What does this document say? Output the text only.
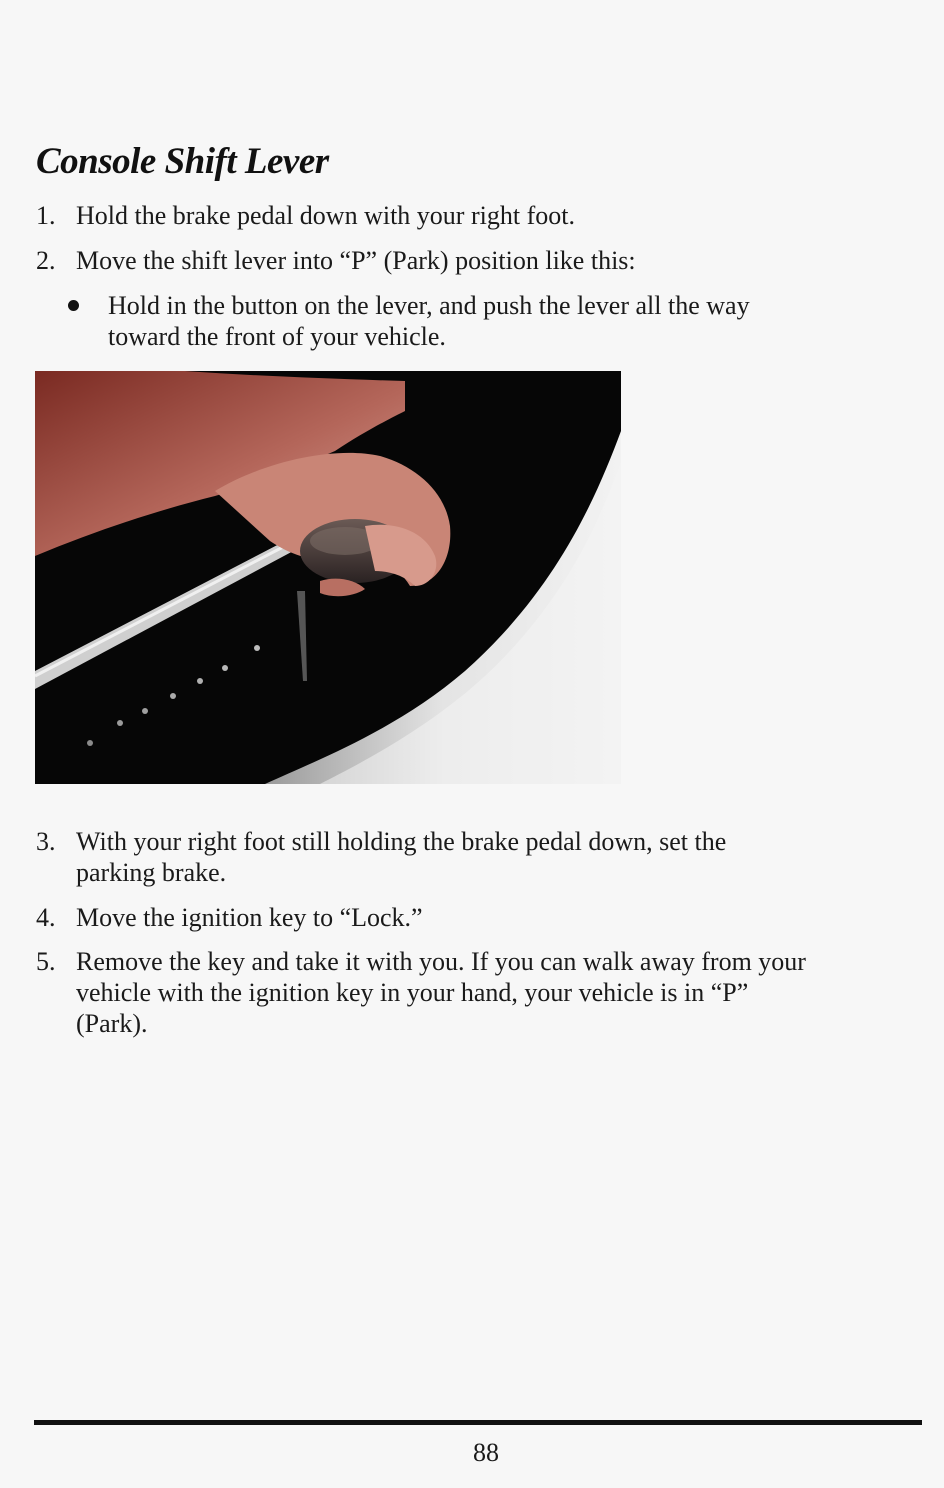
Console Shift Lever
1. Hold the brake pedal down with your right foot.
2. Move the shift lever into “P” (Park) position like this:
Hold in the button on the lever, and push the lever all the way
toward the front of your vehicle.
3. With your right foot still holding the brake pedal down, set the
parking brake.
4. Move the ignition key to “Lock.”
5. Remove the key and take it with you. If you can walk away from your
vehicle with the ignition key in your hand, your vehicle is in “P”
(Park).
88
